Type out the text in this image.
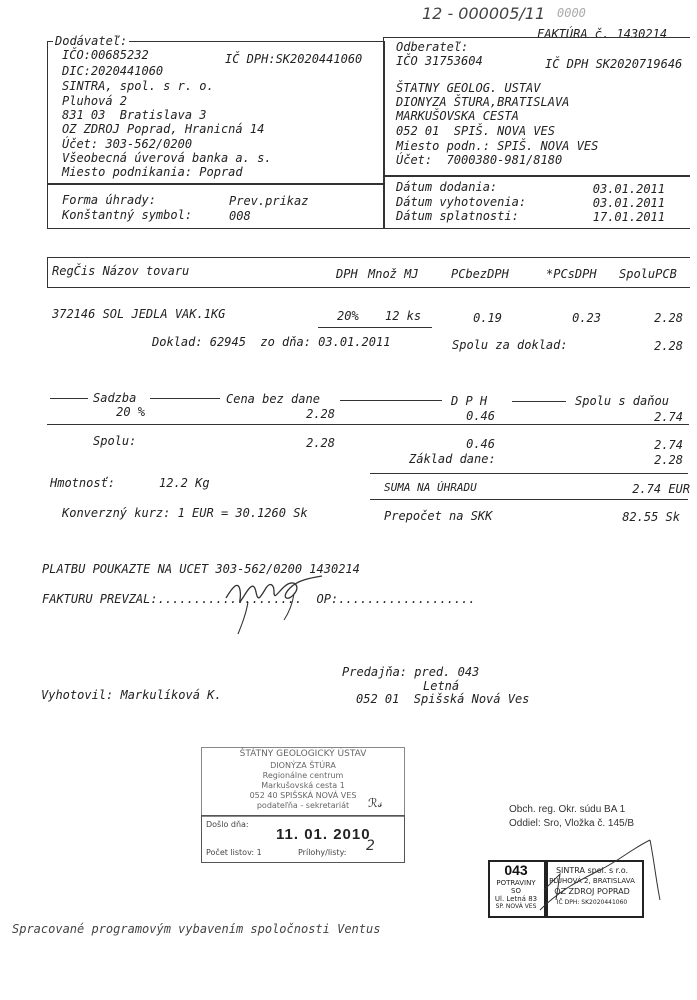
12 - 000005/11 0000
FAKTÚRA č. 1430214
Dodávateľ:
IČO:00685232	IČ DPH:SK2020441060
DIC:2020441060
SINTRA, spol. s r. o.
Pluhová 2
831 03  Bratislava 3
OZ ZDROJ Poprad, Hranicná 14
Účet: 303-562/0200
Všeobecná úverová banka a. s.
Miesto podnikania: Poprad
Forma úhrady:	Prev.prikaz
Konštantný symbol:	008
Odberateľ:
IČO 31753604	IČ DPH SK2020719646
ŠTATNY GEOLOG. USTAV
DIONYZA ŠTURA,BRATISLAVA
MARKUŠOVSKA CESTA
052 01  SPIŠ. NOVA VES
Miesto podn.: SPIŠ. NOVA VES
Účet:  7000380-981/8180
Dátum dodania:	03.01.2011
Dátum vyhotovenia:	03.01.2011
Dátum splatnosti:	17.01.2011
RegČis Názov tovaru	DPH Množ MJ	PCbezDPH	*PCsDPH SpoluPCB
372146 SOL JEDLA VAK.1KG	20% 12 ks	0.19	0.23	2.28
Doklad: 62945  zo dňa: 03.01.2011	Spolu za doklad:	2.28
Sadzba	Cena bez dane	D P H	Spolu s daňou
20 %	2.28	0.46	2.74
Spolu:	2.28	0.46	2.74
Základ dane:	2.28
Hmotnosť:	12.2 Kg	SUMA NA ÚHRADU	2.74 EUR
Konverzný kurz: 1 EUR = 30.1260 Sk	Prepočet na SKK	82.55 Sk
PLATBU POUKAZTE NA UCET 303-562/0200 1430214
FAKTURU PREVZAL:....................  OP:...................
Predajňa: pred. 043
Letná
052 01  Spišská Nová Ves
Vyhotovil: Markulíková K.
ŠTÁTNY GEOLOGICKÝ ÚSTAV
DIONÝZA ŠTÚRA
Regionálne centrum
Markušovská cesta 1
052 40 SPIŠSKÁ NOVÁ VES
podateľňa - sekretariát	ℛ𝓈
Došlo dňa:
11. 01. 2010
Počet listov: 1	Prílohy/listy: 2
Obch. reg. Okr. súdu BA 1
Oddiel: Sro, Vložka č. 145/B
043
POTRAVINY
SO
Ul. Letná 83
SP. NOVÁ VES
SINTRA spol. s r.o.
PLUHOVÁ 2, BRATISLAVA
OZ ZDROJ POPRAD
IČ DPH: SK2020441060
Spracované programovým vybavením spoločnosti Ventus
